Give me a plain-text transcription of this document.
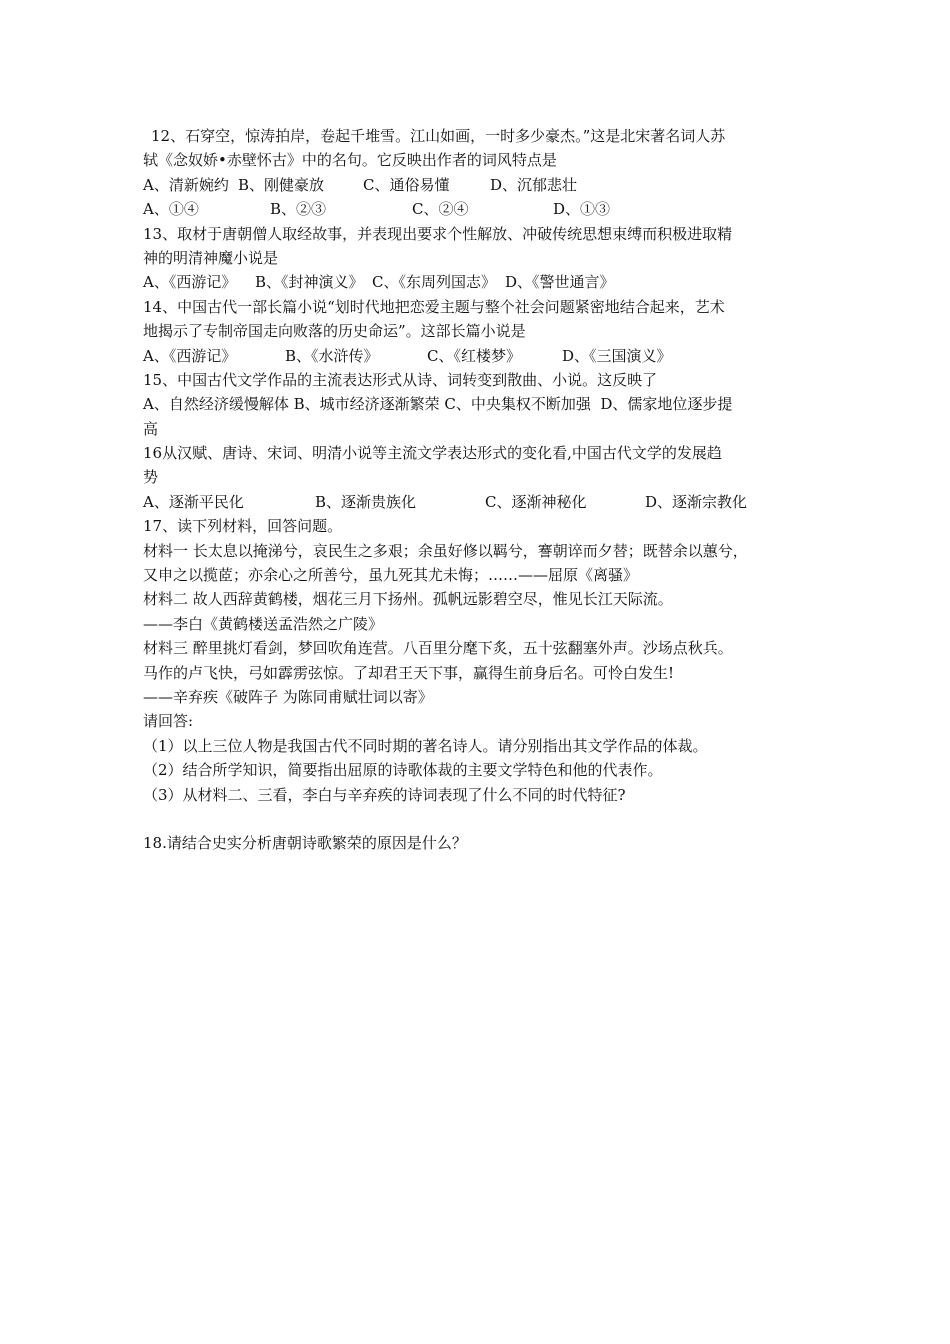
12、石穿空，惊涛拍岸，卷起千堆雪。江山如画，一时多少豪杰。”这是北宋著名词人苏
轼《念奴娇•赤壁怀古》中的名句。它反映出作者的词风特点是
A、清新婉约 B、刚健豪放	C、通俗易懂	D、沉郁悲壮
A、①④	B、②③	C、②④	D、①③
13、取材于唐朝僧人取经故事，并表现出要求个性解放、冲破传统思想束缚而积极进取精
神的明清神魔小说是
A、《西游记》	B、《封神演义》 C、《东周列国志》 D、《警世通言》
14、中国古代一部长篇小说“划时代地把恋爱主题与整个社会问题紧密地结合起来，艺术
地揭示了专制帝国走向败落的历史命运”。这部长篇小说是
A、《西游记》	B、《水浒传》	C、《红楼梦》	D、《三国演义》
15、中国古代文学作品的主流表达形式从诗、词转变到散曲、小说。这反映了
A、自然经济缓慢解体 B、城市经济逐渐繁荣 C、中央集权不断加强  D、儒家地位逐步提
高
16从汉赋、唐诗、宋词、明清小说等主流文学表达形式的变化看,中国古代文学的发展趋
势
A、逐渐平民化	B、逐渐贵族化	C、逐渐神秘化	D、逐渐宗教化
17、读下列材料，回答问题。
材料一 长太息以掩涕兮，哀民生之多艰；余虽好修以羁兮，謇朝谇而夕替；既替余以蕙兮，
又申之以揽茝；亦余心之所善兮，虽九死其尤未悔；……——屈原《离骚》
材料二 故人西辞黄鹤楼，烟花三月下扬州。孤帆远影碧空尽，惟见长江天际流。
——李白《黄鹤楼送孟浩然之广陵》
材料三 醉里挑灯看剑，梦回吹角连营。八百里分麾下炙，五十弦翻塞外声。沙场点秋兵。
马作的卢飞快，弓如霹雳弦惊。了却君王天下事，赢得生前身后名。可怜白发生!
——辛弃疾《破阵子 为陈同甫赋壮词以寄》
请回答:
（1）以上三位人物是我国古代不同时期的著名诗人。请分别指出其文学作品的体裁。
（2）结合所学知识，简要指出屈原的诗歌体裁的主要文学特色和他的代表作。
（3）从材料二、三看，李白与辛弃疾的诗词表现了什么不同的时代特征?
18.请结合史实分析唐朝诗歌繁荣的原因是什么？
